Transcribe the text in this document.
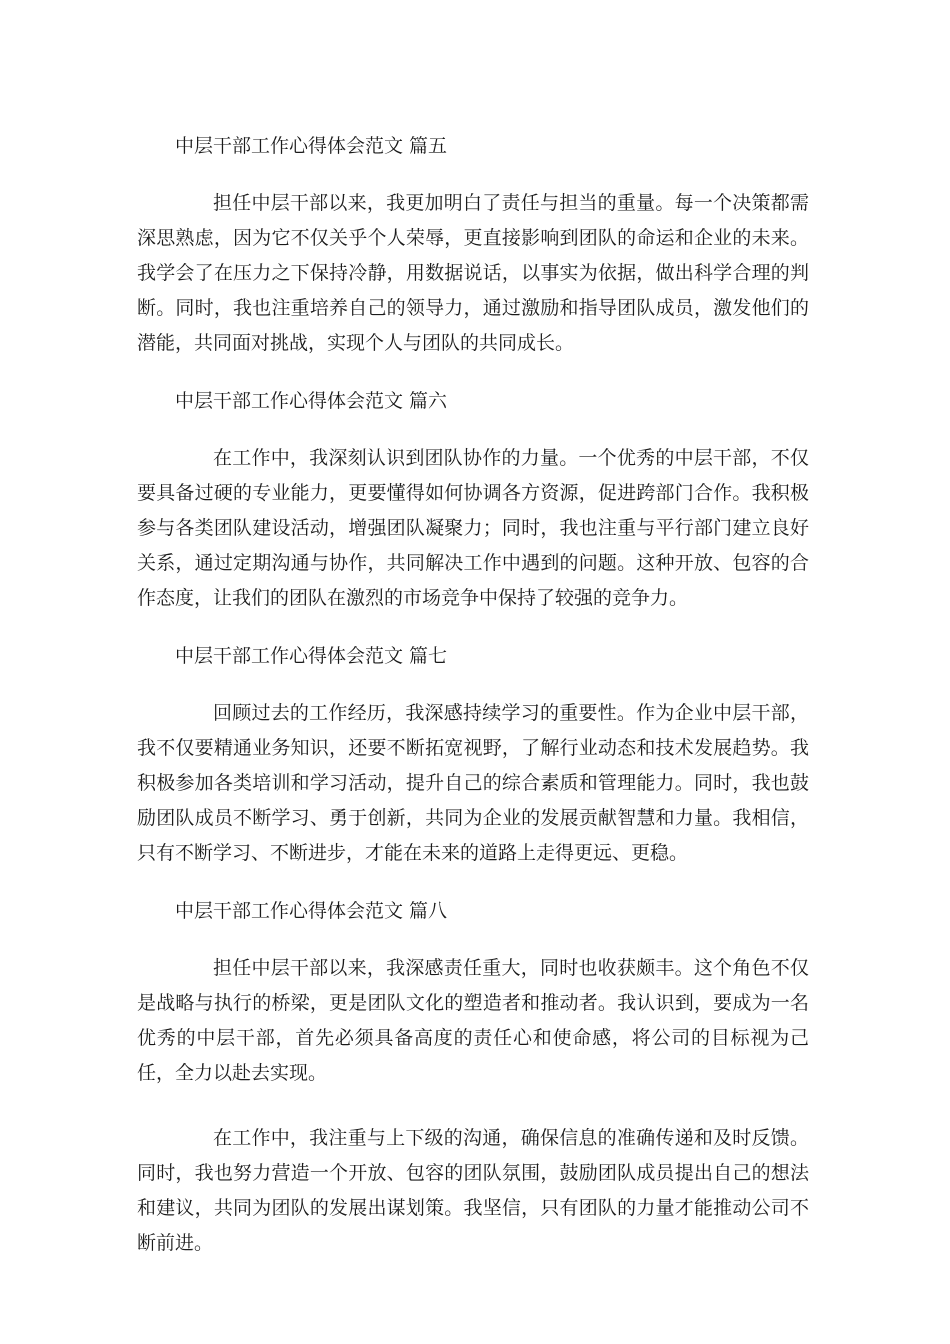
中层干部工作心得体会范文 篇五

担任中层干部以来，我更加明白了责任与担当的重量。每一个决策都需深思熟虑，因为它不仅关乎个人荣辱，更直接影响到团队的命运和企业的未来。我学会了在压力之下保持冷静，用数据说话，以事实为依据，做出科学合理的判断。同时，我也注重培养自己的领导力，通过激励和指导团队成员，激发他们的潜能，共同面对挑战，实现个人与团队的共同成长。

中层干部工作心得体会范文 篇六

在工作中，我深刻认识到团队协作的力量。一个优秀的中层干部，不仅要具备过硬的专业能力，更要懂得如何协调各方资源，促进跨部门合作。我积极参与各类团队建设活动，增强团队凝聚力；同时，我也注重与平行部门建立良好关系，通过定期沟通与协作，共同解决工作中遇到的问题。这种开放、包容的合作态度，让我们的团队在激烈的市场竞争中保持了较强的竞争力。

中层干部工作心得体会范文 篇七

回顾过去的工作经历，我深感持续学习的重要性。作为企业中层干部，我不仅要精通业务知识，还要不断拓宽视野，了解行业动态和技术发展趋势。我积极参加各类培训和学习活动，提升自己的综合素质和管理能力。同时，我也鼓励团队成员不断学习、勇于创新，共同为企业的发展贡献智慧和力量。我相信，只有不断学习、不断进步，才能在未来的道路上走得更远、更稳。

中层干部工作心得体会范文 篇八

担任中层干部以来，我深感责任重大，同时也收获颇丰。这个角色不仅是战略与执行的桥梁，更是团队文化的塑造者和推动者。我认识到，要成为一名优秀的中层干部，首先必须具备高度的责任心和使命感，将公司的目标视为己任，全力以赴去实现。

在工作中，我注重与上下级的沟通，确保信息的准确传递和及时反馈。同时，我也努力营造一个开放、包容的团队氛围，鼓励团队成员提出自己的想法和建议，共同为团队的发展出谋划策。我坚信，只有团队的力量才能推动公司不断前进。
